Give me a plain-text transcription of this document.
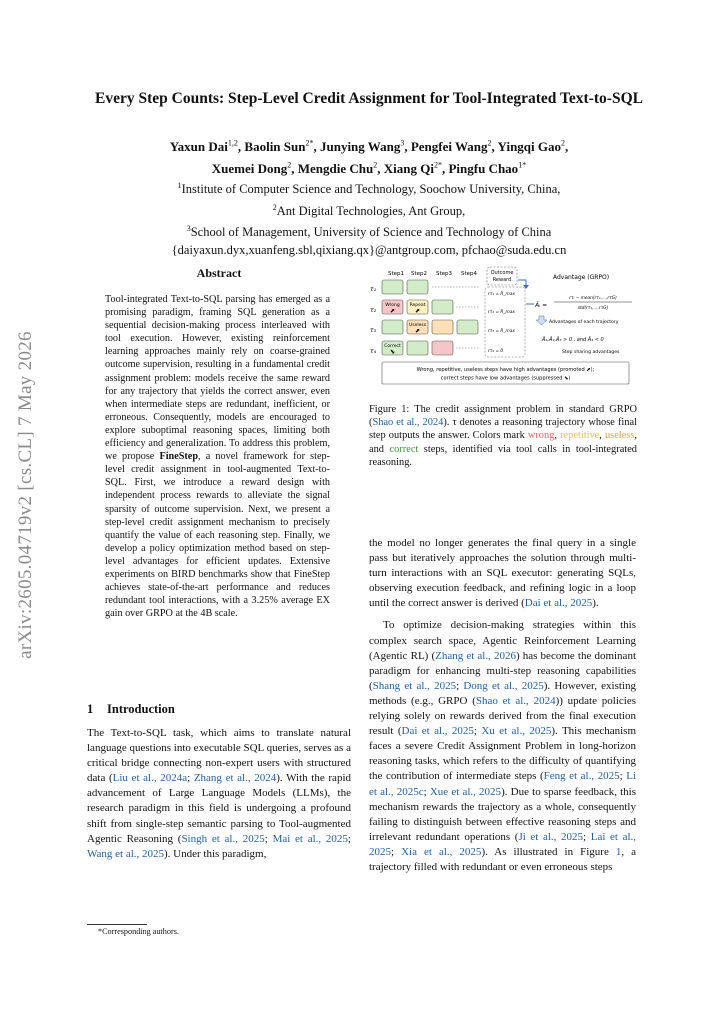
arXiv:2605.04719v2 [cs.CL] 7 May 2026
Every Step Counts: Step-Level Credit Assignment for Tool-Integrated Text-to-SQL
Yaxun Dai$^{1,2}$, Baolin Sun$^{2*}$, Junying Wang$^3$, Pengfei Wang$^2$, Yingqi Gao$^2$,
Xuemei Dong$^2$, Mengdie Chu$^2$, Xiang $Qi^{2*}$, Pingfu Chao$^{1*}$
$^1$Institute of Computer Science and Technology, Soochow University, China,
$^2$Ant Digital Technologies, Ant Group,
$^3$School of Management, University of Science and Technology of China
{daiyaxun.dyx,xuanfeng.sbl,qixiang.qx}@antgroup.com, pfchao@suda.edu.cn
Abstract
Tool-integrated Text-to-SQL parsing has emerged as a promising paradigm, framing SQL generation as a sequential decision-making process interleaved with tool execution. However, existing reinforcement learning approaches mainly rely on coarse-grained outcome supervision, resulting in a fundamental credit assignment problem: models receive the same reward for any trajectory that yields the correct answer, even when intermediate steps are redundant, inefficient, or erroneous. Consequently, models are encouraged to explore suboptimal reasoning spaces, limiting both efficiency and generalization. To address this problem, we propose FineStep, a novel framework for step-level credit assignment in tool-augmented Text-to-SQL. First, we introduce a reward design with independent process rewards to alleviate the signal sparsity of outcome supervision. Next, we present a step-level credit assignment mechanism to precisely quantify the value of each reasoning step. Finally, we develop a policy optimization method based on step-level advantages for efficient updates. Extensive experiments on BIRD benchmarks show that FineStep achieves state-of-the-art performance and reduces redundant tool interactions, with a 3.25% average EX gain over GRPO at the 4B scale.
1 Introduction
The Text-to-SQL task, which aims to translate natural language questions into executable SQL queries, serves as a critical bridge connecting non-expert users with structured data (Liu et al., 2024a; Zhang et al., 2024). With the rapid advancement of Large Language Models (LLMs), the research paradigm in this field is undergoing a profound shift from single-step semantic parsing to Tool-augmented Agentic Reasoning (Singh et al., 2025; Mai et al., 2025; Wang et al., 2025). Under this paradigm,
*Corresponding authors.
Step1 Step2 Step3 Step4	Outcome
Reward
τ₁
τ₂
τ₃
τ₄
Wrong
⬈
Repeat
⬈
Useless
⬈
Correct
⬊
rτ₁ = R_max
rτ₂ = R_max
rτ₃ = R_max
rτ₄ = 0
Advantage (GRPO)
Âᵢ =
rτᵢ − mean(rτ₁,...,rτG)
std(rτ₁,...,rτG)
Advantages of each trajectory
Â₁,Â₂,Â₃ > 0 , and Â₄ < 0
Step sharing advantages
Wrong, repetitive, useless steps have high advantages (promoted ⬈);
correct steps have low advantages (suppressed ⬊)
Figure 1: The credit assignment problem in standard GRPO (Shao et al., 2024). τ denotes a reasoning trajectory whose final step outputs the answer. Colors mark wrong, repetitive, useless, and correct steps, identified via tool calls in tool-integrated reasoning.

the model no longer generates the final query in a single pass but iteratively approaches the solution through multi-turn interactions with an SQL executor: generating SQLs, observing execution feedback, and refining logic in a loop until the correct answer is derived (Dai et al., 2025).

To optimize decision-making strategies within this complex search space, Agentic Reinforcement Learning (Agentic RL) (Zhang et al., 2026) has become the dominant paradigm for enhancing multi-step reasoning capabilities (Shang et al., 2025; Dong et al., 2025). However, existing methods (e.g., GRPO (Shao et al., 2024)) update policies relying solely on rewards derived from the final execution result (Dai et al., 2025; Xu et al., 2025). This mechanism faces a severe Credit Assignment Problem in long-horizon reasoning tasks, which refers to the difficulty of quantifying the contribution of intermediate steps (Feng et al., 2025; Li et al., 2025c; Xue et al., 2025). Due to sparse feedback, this mechanism rewards the trajectory as a whole, consequently failing to distinguish between effective reasoning steps and irrelevant redundant operations (Ji et al., 2025; Lai et al., 2025; Xia et al., 2025). As illustrated in Figure 1, a trajectory filled with redundant or even erroneous steps
